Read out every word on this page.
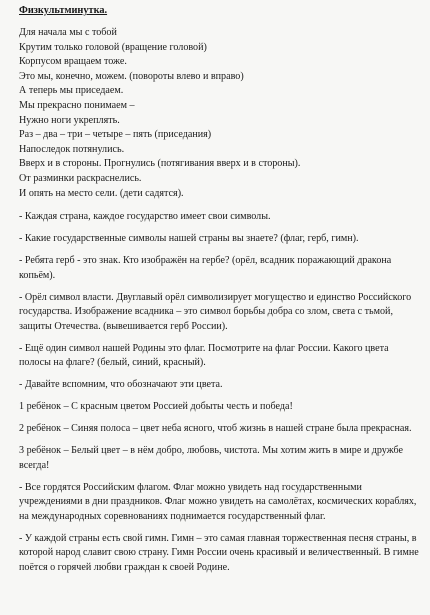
Физкультминутка.
Для начала мы с тобой
Крутим только головой (вращение головой)
Корпусом вращаем тоже.
Это мы, конечно, можем. (повороты влево и вправо)
А теперь мы приседаем.
Мы прекрасно понимаем –
Нужно ноги укреплять.
Раз – два – три – четыре – пять (приседания)
Напоследок потянулись.
Вверх и в стороны. Прогнулись (потягивания вверх и в стороны).
От разминки раскраснелись.
И опять на место сели. (дети садятся).

- Каждая страна, каждое государство имеет свои символы.

- Какие государственные символы нашей страны вы знаете? (флаг, герб, гимн).

- Ребята герб - это знак. Кто изображён на гербе? (орёл, всадник поражающий дракона копьём).

- Орёл символ власти. Двуглавый орёл символизирует могущество и единство Российского государства. Изображение всадника – это символ борьбы добра со злом, света с тьмой, защиты Отечества. (вывешивается герб России).

- Ещё один символ нашей Родины это флаг. Посмотрите на флаг России. Какого цвета полосы на флаге? (белый, синий, красный).

- Давайте вспомним, что обозначают эти цвета.

1 ребёнок – С красным цветом Россией добыты честь и победа!

2 ребёнок – Синяя полоса – цвет неба ясного, чтоб жизнь в нашей стране была прекрасная.

3 ребёнок – Белый цвет – в нём добро, любовь, чистота. Мы хотим жить в мире и дружбе всегда!

- Все гордятся Российским флагом. Флаг можно увидеть над государственными учреждениями в дни праздников. Флаг можно увидеть на самолётах, космических кораблях, на международных соревнованиях поднимается государственный флаг.

- У каждой страны есть свой гимн. Гимн – это самая главная торжественная песня страны, в которой народ славит свою страну. Гимн России очень красивый и величественный. В гимне поётся о горячей любви граждан к своей Родине.
